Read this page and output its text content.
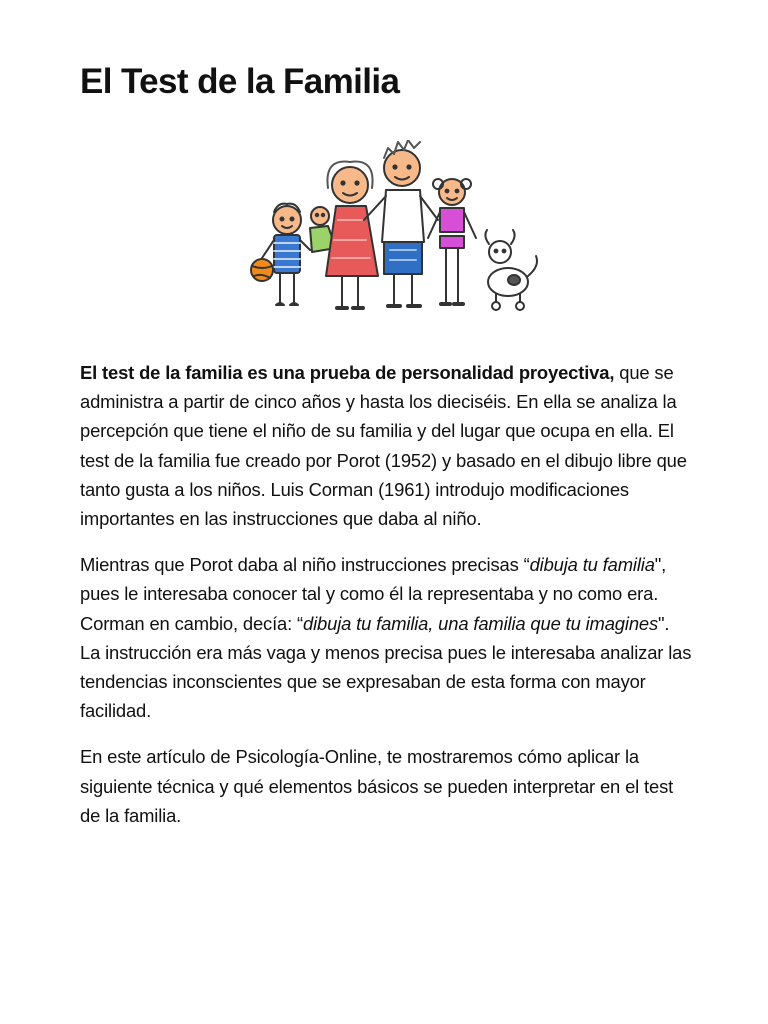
El Test de la Familia

El test de la familia es una prueba de personalidad proyectiva, que se administra a partir de cinco años y hasta los dieciséis. En ella se analiza la percepción que tiene el niño de su familia y del lugar que ocupa en ella. El test de la familia fue creado por Porot (1952) y basado en el dibujo libre que tanto gusta a los niños. Luis Corman (1961) introdujo modificaciones importantes en las instrucciones que daba al niño.

Mientras que Porot daba al niño instrucciones precisas “dibuja tu familia", pues le interesaba conocer tal y como él la representaba y no como era. Corman en cambio, decía: “dibuja tu familia, una familia que tu imagines". La instrucción era más vaga y menos precisa pues le interesaba analizar las tendencias inconscientes que se expresaban de esta forma con mayor facilidad.

En este artículo de Psicología-Online, te mostraremos cómo aplicar la siguiente técnica y qué elementos básicos se pueden interpretar en el test de la familia.
